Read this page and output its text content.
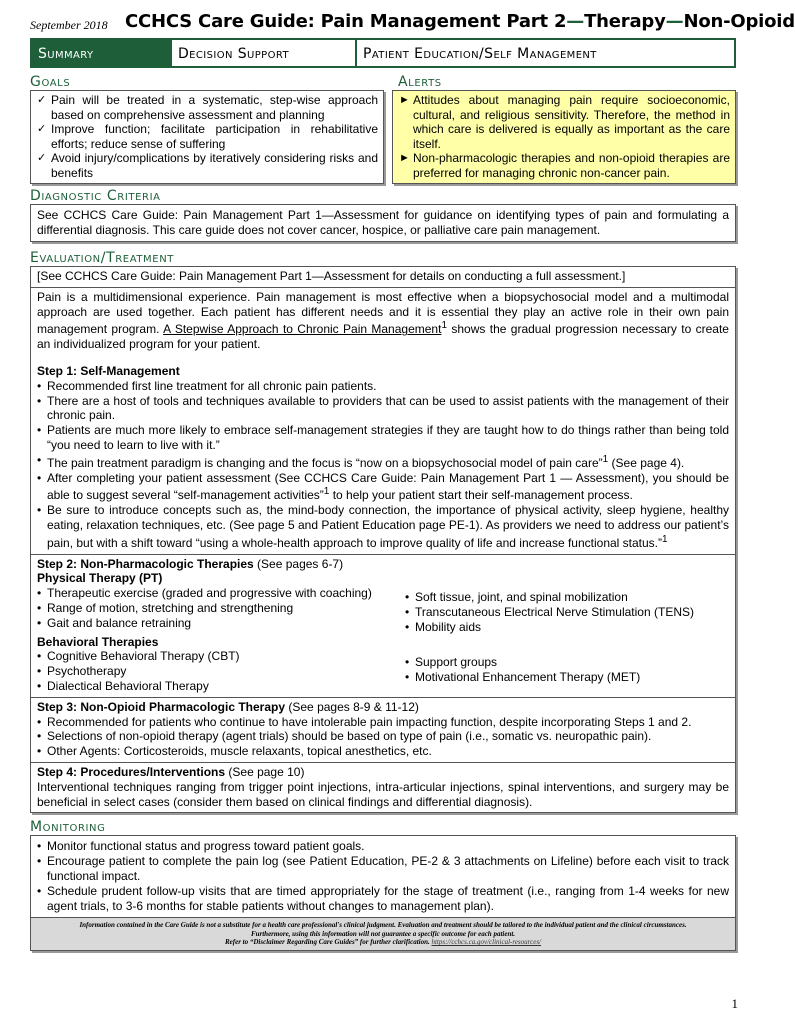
September 2018 CCHCS Care Guide: Pain Management Part 2—Therapy—Non-Opioid
Summary	Decision Support	Patient Education/Self Management
Goals
✓ Pain will be treated in a systematic, step-wise approach based on comprehensive assessment and planning
✓ Improve function; facilitate participation in rehabilitative efforts; reduce sense of suffering
✓ Avoid injury/complications by iteratively considering risks and benefits
Alerts
► Attitudes about managing pain require socioeconomic, cultural, and religious sensitivity. Therefore, the method in which care is delivered is equally as important as the care itself.
► Non-pharmacologic therapies and non-opioid therapies are preferred for managing chronic non-cancer pain.
Diagnostic Criteria
See CCHCS Care Guide: Pain Management Part 1—Assessment for guidance on identifying types of pain and formulating a differential diagnosis. This care guide does not cover cancer, hospice, or palliative care pain management.
Evaluation/Treatment
[See CCHCS Care Guide: Pain Management Part 1—Assessment for details on conducting a full assessment.]

Pain is a multidimensional experience. Pain management is most effective when a biopsychosocial model and a multimodal approach are used together. Each patient has different needs and it is essential they play an active role in their own pain management program. A Stepwise Approach to Chronic Pain Management$^1$ shows the gradual progression necessary to create an individualized program for your patient.

Step 1: Self-Management
• Recommended first line treatment for all chronic pain patients.
• There are a host of tools and techniques available to providers that can be used to assist patients with the management of their chronic pain.
• Patients are much more likely to embrace self-management strategies if they are taught how to do things rather than being told “you need to learn to live with it.”
• The pain treatment paradigm is changing and the focus is “now on a biopsychosocial model of pain care”$^1$ (See page 4).
• After completing your patient assessment (See CCHCS Care Guide: Pain Management Part 1 — Assessment), you should be able to suggest several “self-management activities”$^1$ to help your patient start their self-management process.
• Be sure to introduce concepts such as, the mind-body connection, the importance of physical activity, sleep hygiene, healthy eating, relaxation techniques, etc. (See page 5 and Patient Education page PE-1). As providers we need to address our patient’s pain, but with a shift toward “using a whole-health approach to improve quality of life and increase functional status.”$^1$
Step 2: Non-Pharmacologic Therapies (See pages 6-7)
Physical Therapy (PT)
• Therapeutic exercise (graded and progressive with coaching)
• Range of motion, stretching and strengthening
• Gait and balance retraining
• Soft tissue, joint, and spinal mobilization
• Transcutaneous Electrical Nerve Stimulation (TENS)
• Mobility aids
Behavioral Therapies
• Cognitive Behavioral Therapy (CBT)
• Psychotherapy
• Dialectical Behavioral Therapy
• Support groups
• Motivational Enhancement Therapy (MET)
Step 3: Non-Opioid Pharmacologic Therapy (See pages 8-9 & 11-12)
• Recommended for patients who continue to have intolerable pain impacting function, despite incorporating Steps 1 and 2.
• Selections of non-opioid therapy (agent trials) should be based on type of pain (i.e., somatic vs. neuropathic pain).
• Other Agents: Corticosteroids, muscle relaxants, topical anesthetics, etc.
Step 4: Procedures/Interventions (See page 10)
Interventional techniques ranging from trigger point injections, intra-articular injections, spinal interventions, and surgery may be beneficial in select cases (consider them based on clinical findings and differential diagnosis).
Monitoring
• Monitor functional status and progress toward patient goals.
• Encourage patient to complete the pain log (see Patient Education, PE-2 & 3 attachments on Lifeline) before each visit to track functional impact.
• Schedule prudent follow-up visits that are timed appropriately for the stage of treatment (i.e., ranging from 1-4 weeks for new agent trials, to 3-6 months for stable patients without changes to management plan).
Information contained in the Care Guide is not a substitute for a health care professional's clinical judgment. Evaluation and treatment should be tailored to the individual patient and the clinical circumstances.
Furthermore, using this information will not guarantee a specific outcome for each patient.
Refer to “Disclaimer Regarding Care Guides” for further clarification. https://cchcs.ca.gov/clinical-resources/
1
